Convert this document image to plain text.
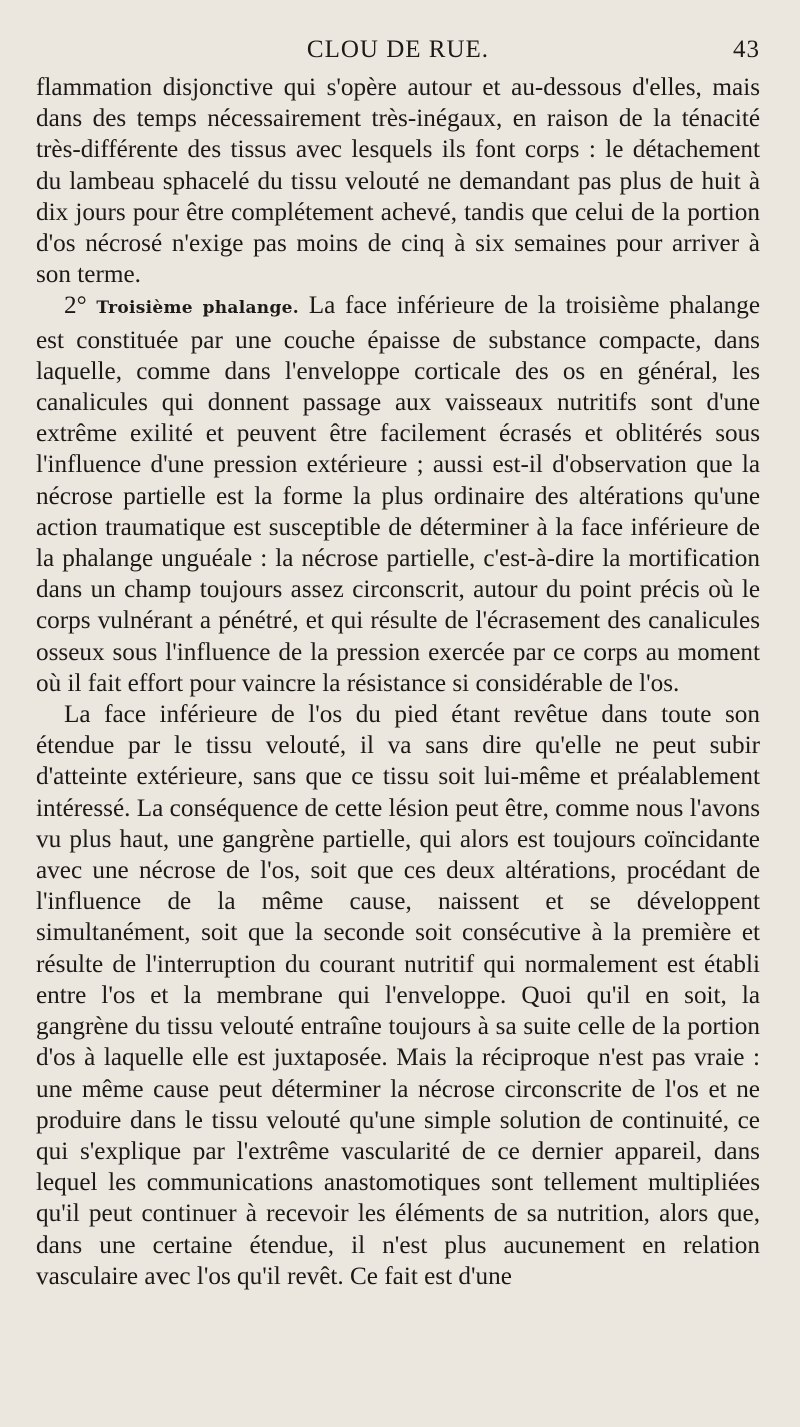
CLOU DE RUE.	43

flammation disjonctive qui s'opère autour et au-dessous d'elles, mais dans des temps nécessairement très-inégaux, en raison de la ténacité très-différente des tissus avec lesquels ils font corps : le détachement du lambeau sphacelé du tissu velouté ne demandant pas plus de huit à dix jours pour être complétement achevé, tandis que celui de la portion d'os nécrosé n'exige pas moins de cinq à six semaines pour arriver à son terme.

2° Troisième phalange. La face inférieure de la troisième phalange est constituée par une couche épaisse de substance compacte, dans laquelle, comme dans l'enveloppe corticale des os en général, les canalicules qui donnent passage aux vaisseaux nutritifs sont d'une extrême exilité et peuvent être facilement écrasés et oblitérés sous l'influence d'une pression extérieure ; aussi est-il d'observation que la nécrose partielle est la forme la plus ordinaire des altérations qu'une action traumatique est susceptible de déterminer à la face inférieure de la phalange unguéale : la nécrose partielle, c'est-à-dire la mortification dans un champ toujours assez circonscrit, autour du point précis où le corps vulnérant a pénétré, et qui résulte de l'écrasement des canalicules osseux sous l'influence de la pression exercée par ce corps au moment où il fait effort pour vaincre la résistance si considérable de l'os.

La face inférieure de l'os du pied étant revêtue dans toute son étendue par le tissu velouté, il va sans dire qu'elle ne peut subir d'atteinte extérieure, sans que ce tissu soit lui-même et préalablement intéressé. La conséquence de cette lésion peut être, comme nous l'avons vu plus haut, une gangrène partielle, qui alors est toujours coïncidante avec une nécrose de l'os, soit que ces deux altérations, procédant de l'influence de la même cause, naissent et se développent simultanément, soit que la seconde soit consécutive à la première et résulte de l'interruption du courant nutritif qui normalement est établi entre l'os et la membrane qui l'enveloppe. Quoi qu'il en soit, la gangrène du tissu velouté entraîne toujours à sa suite celle de la portion d'os à laquelle elle est juxtaposée. Mais la réciproque n'est pas vraie : une même cause peut déterminer la nécrose circonscrite de l'os et ne produire dans le tissu velouté qu'une simple solution de continuité, ce qui s'explique par l'extrême vascularité de ce dernier appareil, dans lequel les communications anastomotiques sont tellement multipliées qu'il peut continuer à recevoir les éléments de sa nutrition, alors que, dans une certaine étendue, il n'est plus aucunement en relation vasculaire avec l'os qu'il revêt. Ce fait est d'une
